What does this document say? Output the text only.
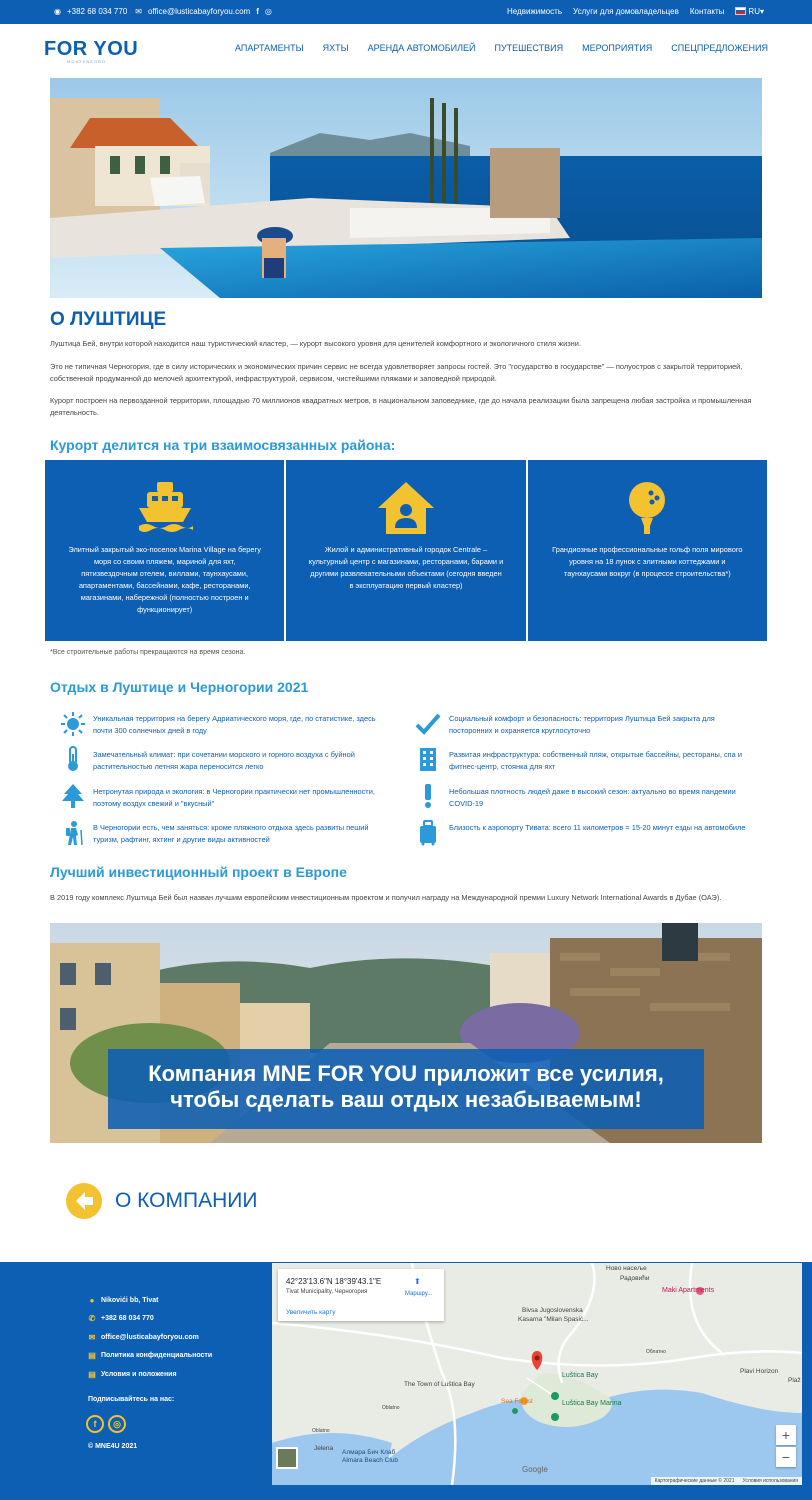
◉ +382 68 034 770 ✉ office@lusticabayforyou.com f ◎	Недвижимость Услуги для домовладельцев Контакты	RU▾
FOR YOU
MONTENEGRO
АПАРТАМЕНТЫ ЯХТЫ АРЕНДА АВТОМОБИЛЕЙ ПУТЕШЕСТВИЯ МЕРОПРИЯТИЯ СПЕЦПРЕДЛОЖЕНИЯ
О ЛУШТИЦЕ

Луштица Бей, внутри которой находится наш туристический кластер, — курорт высокого уровня для ценителей комфортного и экологичного стиля жизни.

Это не типичная Черногория, где в силу исторических и экономических причин сервис не всегда удовлетворяет запросы гостей. Это "государство в государстве" — полуостров с закрытой территорией, собственной продуманной до мелочей архитектурой, инфраструктурой, сервисом, чистейшими пляжами и заповедной природой.

Курорт построен на первозданной территории, площадью 70 миллионов квадратных метров, в национальном заповеднике, где до начала реализации была запрещена любая застройка и промышленная деятельность.

Курорт делится на три взаимосвязанных района:
Элитный закрытый эко-поселок Marina Village на берегу моря со своим пляжем, мариной для яхт, пятизвездочным отелем, виллами, таунхаусами, апартаментами, бассейнами, кафе, ресторанами, магазинами, набережной (полностью построен и функционирует)
Жилой и административный городок Centrale – культурный центр с магазинами, ресторанами, барами и другими развлекательными объектами (сегодня введен в эксплуатацию первый кластер)
Грандиозные профессиональные гольф поля мирового уровня на 18 лунок с элитными коттеджами и таунхаусами вокруг (в процессе строительства*)
*Все строительные работы прекращаются на время сезона.
Отдых в Луштице и Черногории 2021
Уникальная территория на берегу Адриатического моря, где, по статистике, здесь почти 300 солнечных дней в году
Замечательный климат: при сочетании морского и горного воздуха с буйной растительностью летняя жара переносится легко
Нетронутая природа и экология: в Черногории практически нет промышленности, поэтому воздух свежий и "вкусный"
В Черногории есть, чем заняться: кроме пляжного отдыха здесь развиты пеший туризм, рафтинг, яхтинг и другие виды активностей
Социальный комфорт и безопасность: территория Луштица Бей закрыта для посторонних и охраняется круглосуточно
Развитая инфраструктура: собственный пляж, открытые бассейны, рестораны, спа и фитнес-центр, стоянка для яхт
Небольшая плотность людей даже в высокий сезон: актуально во время пандемии COVID-19
Близость к аэропорту Тивата: всего 11 километров = 15-20 минут езды на автомобиле
Лучший инвестиционный проект в Европе

В 2019 году комплекс Луштица Бей был назван лучшим европейским инвестиционным проектом и получил награду на Международной премии Luxury Network International Awards в Дубае (ОАЭ).

Компания MNE FOR YOU приложит все усилия,
чтобы сделать ваш отдых незабываемым!
О КОМПАНИИ
● Nikovići bb, Tivat
✆ +382 68 034 770
✉ office@lusticabayforyou.com
▤ Политика конфиденциальности
▤ Условия и положения
Подписывайтесь на нас:
f	◎
© MNE4U 2021
42°23'13.6"N 18°39'43.1"E
Tivat Municipality, Черногория
Увеличить карту
⬆
Маршру...
Ново насеље
Радовићи
Maki Apartments
Bivsa Jugoslovenska
Kasarna "Milan Spasić...
Облатно
The Town of Luštica Bay
Luštica Bay
Sea Forest	Luštica Bay Marina
Plavi Horizon
Plaž
Oblatno
Oblatno
Jelena
Алмара Бич Клаб
Almara Beach Club
Google
+
−
Картографические данные © 2021 Условия использования
